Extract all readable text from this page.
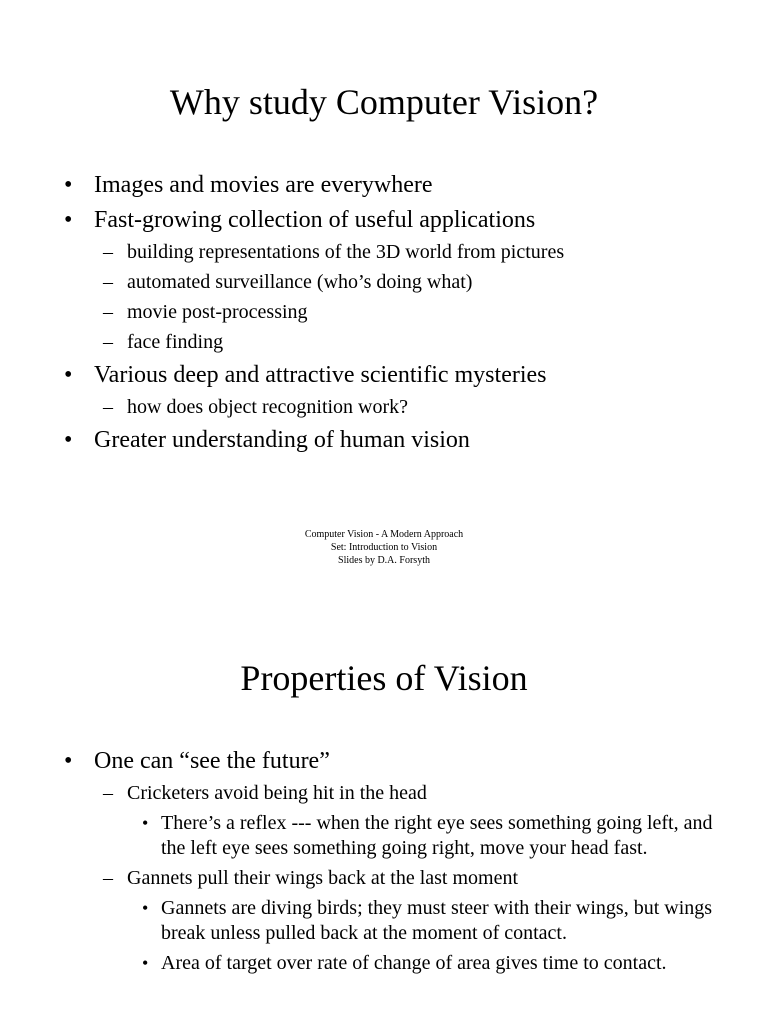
Why study Computer Vision?
• Images and movies are everywhere
• Fast-growing collection of useful applications
– building representations of the 3D world from pictures
– automated surveillance (who’s doing what)
– movie post-processing
– face finding
• Various deep and attractive scientific mysteries
– how does object recognition work?
• Greater understanding of human vision
Computer Vision - A Modern Approach
Set: Introduction to Vision
Slides by D.A. Forsyth
Properties of Vision
• One can “see the future”
– Cricketers avoid being hit in the head
• There’s a reflex --- when the right eye sees something going left, and the left eye sees something going right, move your head fast.
– Gannets pull their wings back at the last moment
• Gannets are diving birds; they must steer with their wings, but wings break unless pulled back at the moment of contact.
• Area of target over rate of change of area gives time to contact.
